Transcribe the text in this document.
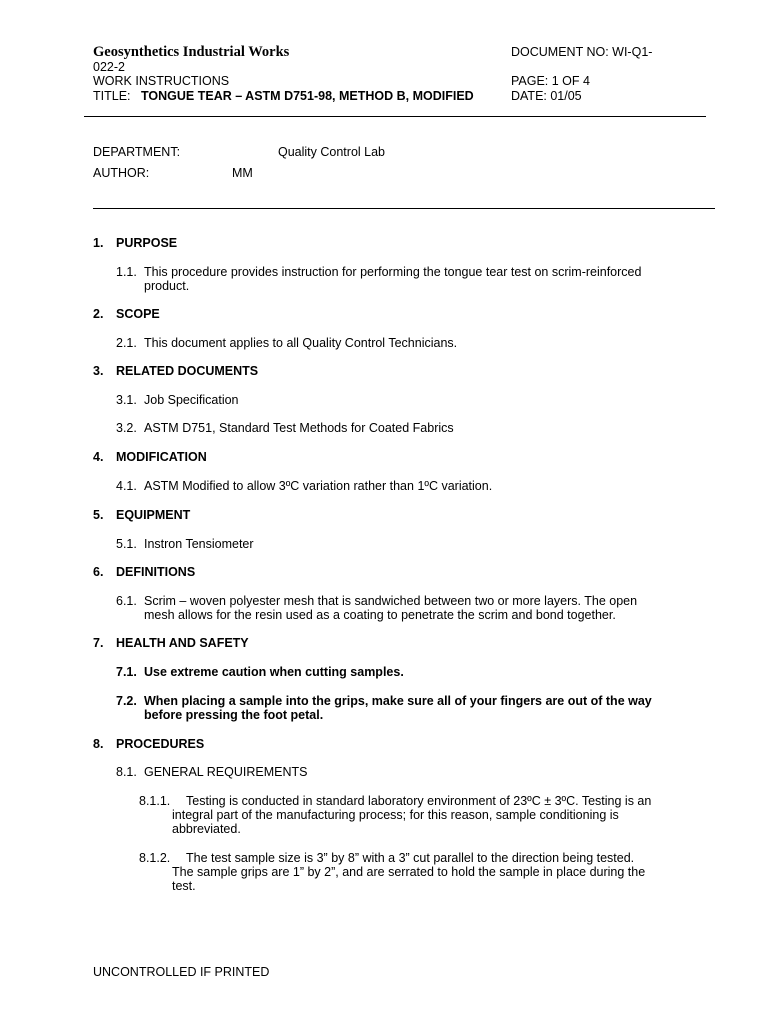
Geosynthetics Industrial Works	DOCUMENT NO: WI-Q1-
022-2
WORK INSTRUCTIONS	PAGE: 1 OF 4
TITLE: TONGUE TEAR – ASTM D751-98, METHOD B, MODIFIED	DATE: 01/05
DEPARTMENT:	Quality Control Lab
AUTHOR:	MM
1. PURPOSE
1.1. This procedure provides instruction for performing the tongue tear test on scrim-reinforced
product.
2. SCOPE
2.1. This document applies to all Quality Control Technicians.
3. RELATED DOCUMENTS
3.1. Job Specification
3.2. ASTM D751, Standard Test Methods for Coated Fabrics
4. MODIFICATION
4.1. ASTM Modified to allow 3ºC variation rather than 1ºC variation.
5. EQUIPMENT
5.1. Instron Tensiometer
6. DEFINITIONS
6.1. Scrim – woven polyester mesh that is sandwiched between two or more layers. The open
mesh allows for the resin used as a coating to penetrate the scrim and bond together.
7. HEALTH AND SAFETY
7.1. Use extreme caution when cutting samples.
7.2. When placing a sample into the grips, make sure all of your fingers are out of the way
before pressing the foot petal.
8. PROCEDURES
8.1. GENERAL REQUIREMENTS
8.1.1. Testing is conducted in standard laboratory environment of 23ºC ± 3ºC. Testing is an
integral part of the manufacturing process; for this reason, sample conditioning is
abbreviated.
8.1.2. The test sample size is 3” by 8” with a 3” cut parallel to the direction being tested.
The sample grips are 1” by 2”, and are serrated to hold the sample in place during the
test.
UNCONTROLLED IF PRINTED
